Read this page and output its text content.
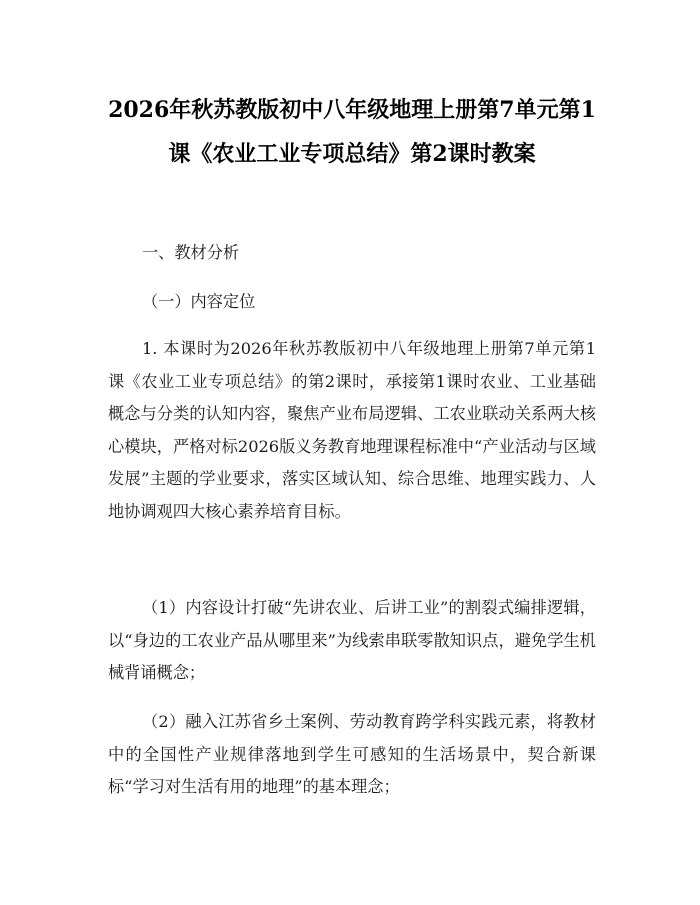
2026年秋苏教版初中八年级地理上册第7单元第1课《农业工业专项总结》第2课时教案

一、教材分析

（一）内容定位

1. 本课时为2026年秋苏教版初中八年级地理上册第7单元第1课《农业工业专项总结》的第2课时，承接第1课时农业、工业基础概念与分类的认知内容，聚焦产业布局逻辑、工农业联动关系两大核心模块，严格对标2026版义务教育地理课程标准中“产业活动与区域发展”主题的学业要求，落实区域认知、综合思维、地理实践力、人地协调观四大核心素养培育目标。

（1）内容设计打破“先讲农业、后讲工业”的割裂式编排逻辑，以“身边的工农业产品从哪里来”为线索串联零散知识点，避免学生机械背诵概念；

（2）融入江苏省乡土案例、劳动教育跨学科实践元素，将教材中的全国性产业规律落地到学生可感知的生活场景中，契合新课标“学习对生活有用的地理”的基本理念；
